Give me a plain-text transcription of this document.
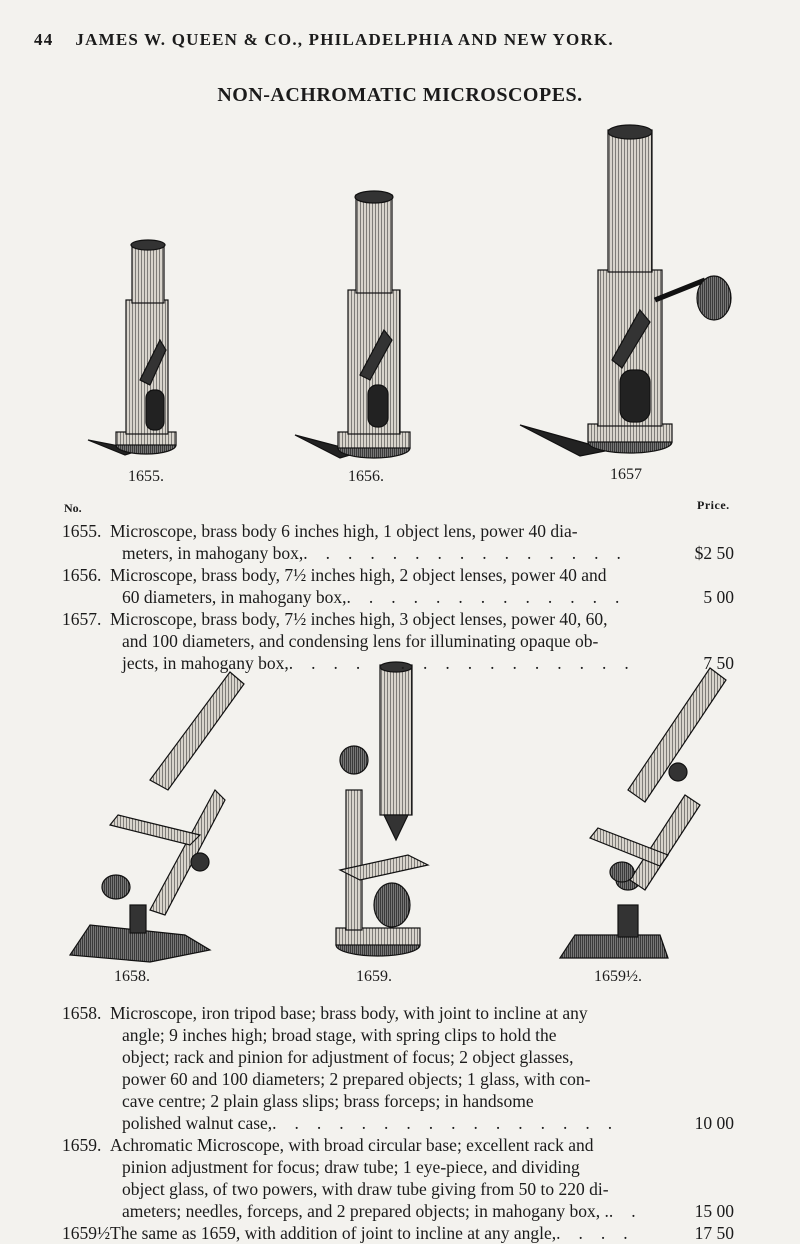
44 JAMES W. QUEEN & CO., PHILADELPHIA AND NEW YORK.
NON-ACHROMATIC MICROSCOPES.
1655.	1656.	1657
No.	Price.
1655. Microscope, brass body 6 inches high, 1 object lens, power 40 dia-
meters, in mahogany box,...............	$2 50
1656. Microscope, brass body, 7½ inches high, 2 object lenses, power 40 and
60 diameters, in mahogany box,.............	5 00
1657. Microscope, brass body, 7½ inches high, 3 object lenses, power 40, 60,
and 100 diameters, and condensing lens for illuminating opaque ob-
jects, in mahogany box,................	7 50
1658.	1659.	1659½.
1658. Microscope, iron tripod base; brass body, with joint to incline at any
angle; 9 inches high; broad stage, with spring clips to hold the
object; rack and pinion for adjustment of focus; 2 object glasses,
power 60 and 100 diameters; 2 prepared objects; 1 glass, with con-
cave centre; 2 plain glass slips; brass forceps; in handsome
polished walnut case,................	10 00
1659. Achromatic Microscope, with broad circular base; excellent rack and
pinion adjustment for focus; draw tube; 1 eye-piece, and dividing
object glass, of two powers, with draw tube giving from 50 to 220 di-
ameters; needles, forceps, and 2 prepared objects; in mahogany box, ... 15 00
1659½ The same as 1659, with addition of joint to incline at any angle,....	17 50
